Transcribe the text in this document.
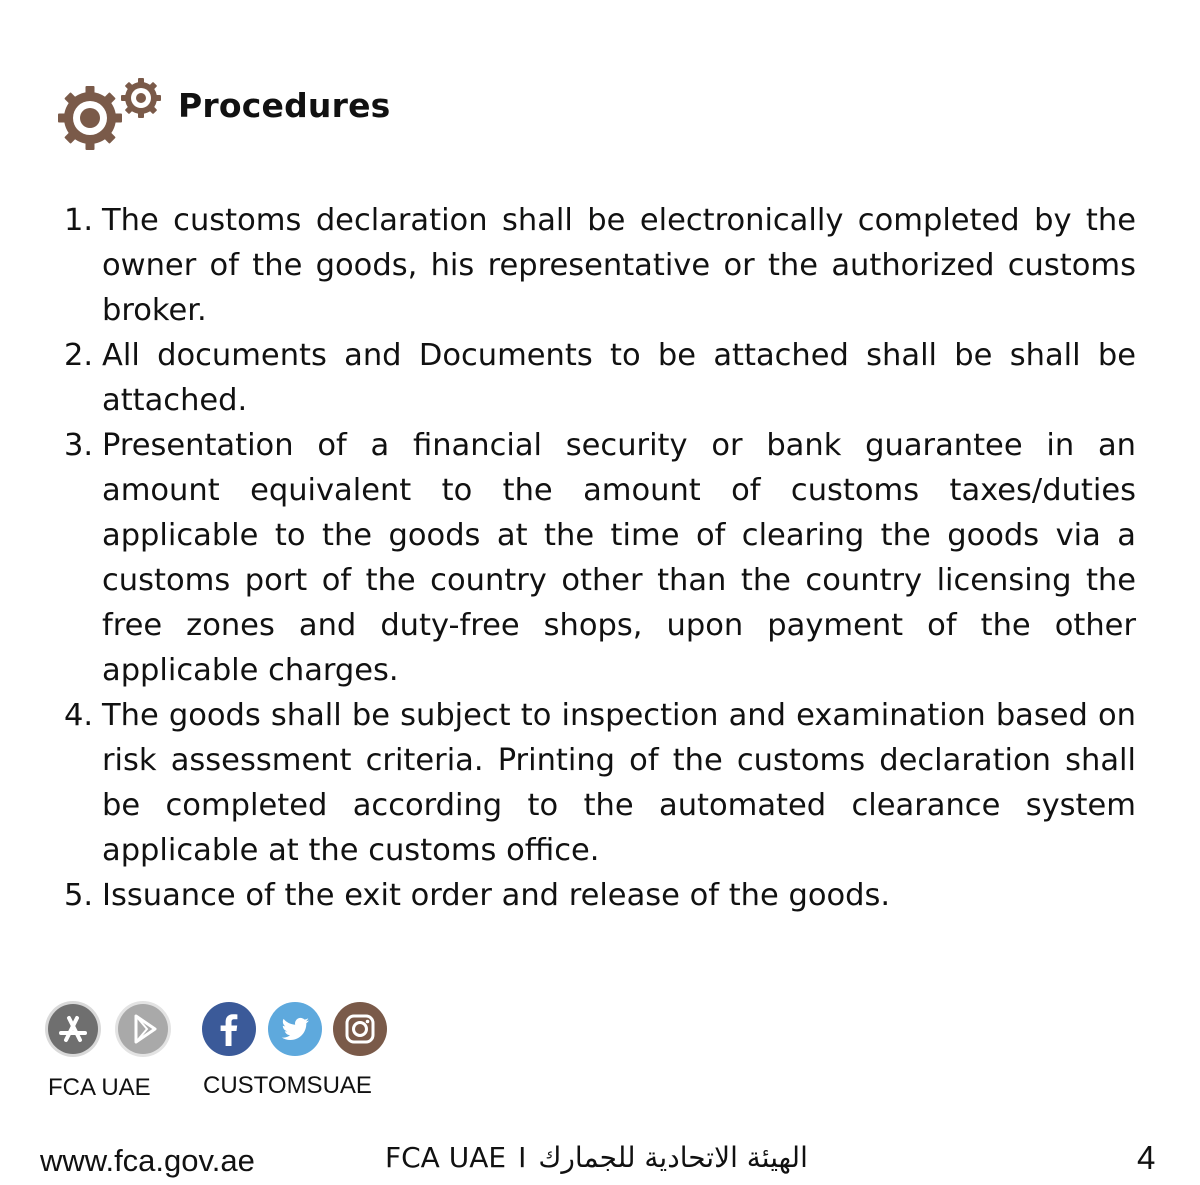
Procedures
1. The customs declaration shall be electronically completed by the owner of the goods, his representative or the authorized customs broker.
2. All documents and Documents to be attached shall be shall be attached.
3. Presentation of a financial security or bank guarantee in an amount equivalent to the amount of customs taxes/duties applicable to the goods at the time of clearing the goods via a customs port of the country other than the country licensing the free zones and duty-free shops, upon payment of the other applicable charges.
4. The goods shall be subject to inspection and examination based on risk assessment criteria. Printing of the customs declaration shall be completed according to the automated clearance system applicable at the customs office.
5. Issuance of the exit order and release of the goods.
FCA UAE CUSTOMSUAE
www.fca.gov.ae	FCA UAE I الهيئة الاتحادية للجمارك	4
